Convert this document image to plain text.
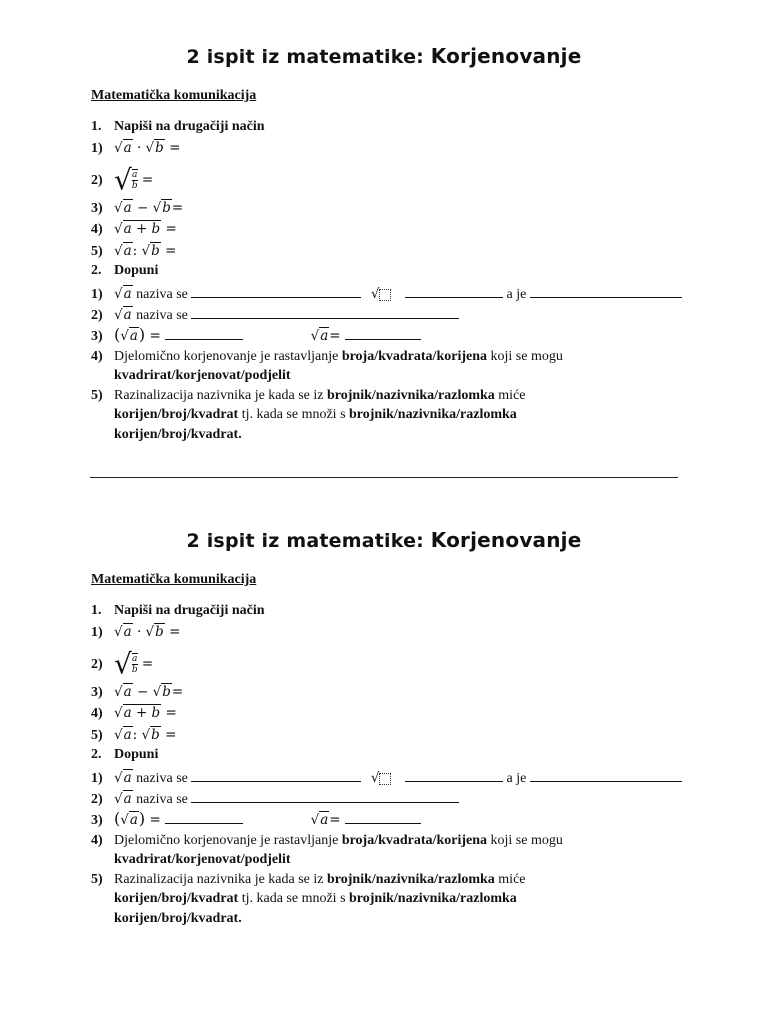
2 ispit iz matematike: Korjenovanje
Matematička komunikacija
1. Napiši na drugačiji način
1) √a · √b =
2) √ $\frac{a}{b}$ =
3) √a − √b=
4) √a + b =
5) √a: √b =
2. Dopuni
1) √a naziva se	√	a je
2) √a naziva se
3) (√a) =	√a=
4) Djelomično korjenovanje je rastavljanje broja/kvadrata/korijena koji se mogu
kvadrirat/korjenovat/podjelit
5) Razinalizacija nazivnika je kada se iz brojnik/nazivnika/razlomka miće
korijen/broj/kvadrat tj. kada se množi s brojnik/nazivnika/razlomka
korijen/broj/kvadrat.
2 ispit iz matematike: Korjenovanje
Matematička komunikacija
1. Napiši na drugačiji način
1) √a · √b =
2) √ $\frac{a}{b}$ =
3) √a − √b=
4) √a + b =
5) √a: √b =
2. Dopuni
1) √a naziva se	√	a je
2) √a naziva se
3) (√a) =	√a=
4) Djelomično korjenovanje je rastavljanje broja/kvadrata/korijena koji se mogu
kvadrirat/korjenovat/podjelit
5) Razinalizacija nazivnika je kada se iz brojnik/nazivnika/razlomka miće
korijen/broj/kvadrat tj. kada se množi s brojnik/nazivnika/razlomka
korijen/broj/kvadrat.
